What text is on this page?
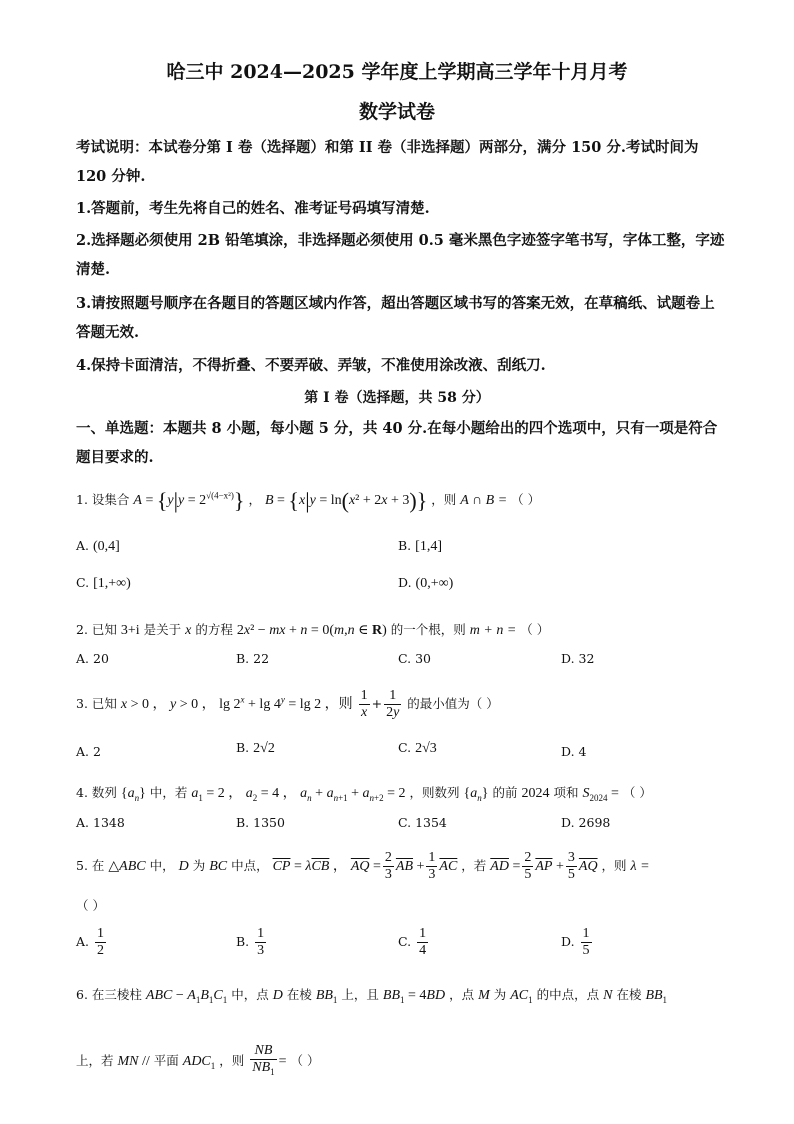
哈三中 2024—2025 学年度上学期高三学年十月月考
数学试卷
考试说明：本试卷分第 I 卷（选择题）和第 II 卷（非选择题）两部分，满分 150 分.考试时间为 120 分钟.
1.答题前，考生先将自己的姓名、准考证号码填写清楚.
2.选择题必须使用 2B 铅笔填涂，非选择题必须使用 0.5 毫米黑色字迹签字笔书写，字体工整，字迹清楚.
3.请按照题号顺序在各题目的答题区域内作答，超出答题区域书写的答案无效，在草稿纸、试题卷上答题无效.
4.保持卡面清洁，不得折叠、不要弄破、弄皱，不准使用涂改液、刮纸刀.
第 I 卷（选择题，共 58 分）
一、单选题：本题共 8 小题，每小题 5 分，共 40 分.在每小题给出的四个选项中，只有一项是符合题目要求的.
1. 设集合 $A = \{y|y = 2^{√(4-x^2)}\}$ ， B = {x|y = ln(x² + 2x + 3)} ，则 A ∩ B = （ ）
A. (0,4]	B. [1,4]
C. [1,+∞)	D. (0,+∞)
2. 已知 3+i 是关于 x 的方程 2x² − mx + n = 0(m,n ∈ R) 的一个根，则 m + n = （ ）
A. 20	B. 22	C. 30	D. 32
3. 已知 x > 0 ， y > 0 ， $\lg 2^x + \lg 4^y = \lg 2$ ，则 $\frac{1}{x} + \frac{1}{2y}$ 的最小值为（ ）
A. 2	B. 2√2	C. 2√3	D. 4
4. 数列 $\{a_n\}$ 中，若 $a_1 = 2$ ， $a_2 = 4$ ， $a_n + a_{n+1} + a_{n+2} = 2$ ，则数列 $\{a_n\}$ 的前 2024 项和 $S_{2024}$ = （ ）
A. 1348	B. 1350	C. 1354	D. 2698
5. 在 △ABC 中， D 为 BC 中点， $\overline{CP} = \lambda\overline{CB}$ ， $\overline{AQ} = \frac{2}{3} \overline{AB} + \frac{1}{3} \overline{AC}$ ，若 $\overline{AD} = \frac{2}{5} \overline{AP} + \frac{3}{5} \overline{AQ}$ ，则 λ =
（ ）
A. $\frac{1}{2}$	B. $\frac{1}{3}$	C. $\frac{1}{4}$	D. $\frac{1}{5}$
6. 在三棱柱 ABC − $A_1B_1C_1$ 中，点 D 在棱 $BB_1$ 上，且 $BB_1 = 4BD$ ，点 M 为 $AC_1$ 的中点，点 N 在棱 $BB_1$
上，若 MN // 平面 $ADC_1$ ，则 $\frac{NB}{NB_1}$ = （ ）
